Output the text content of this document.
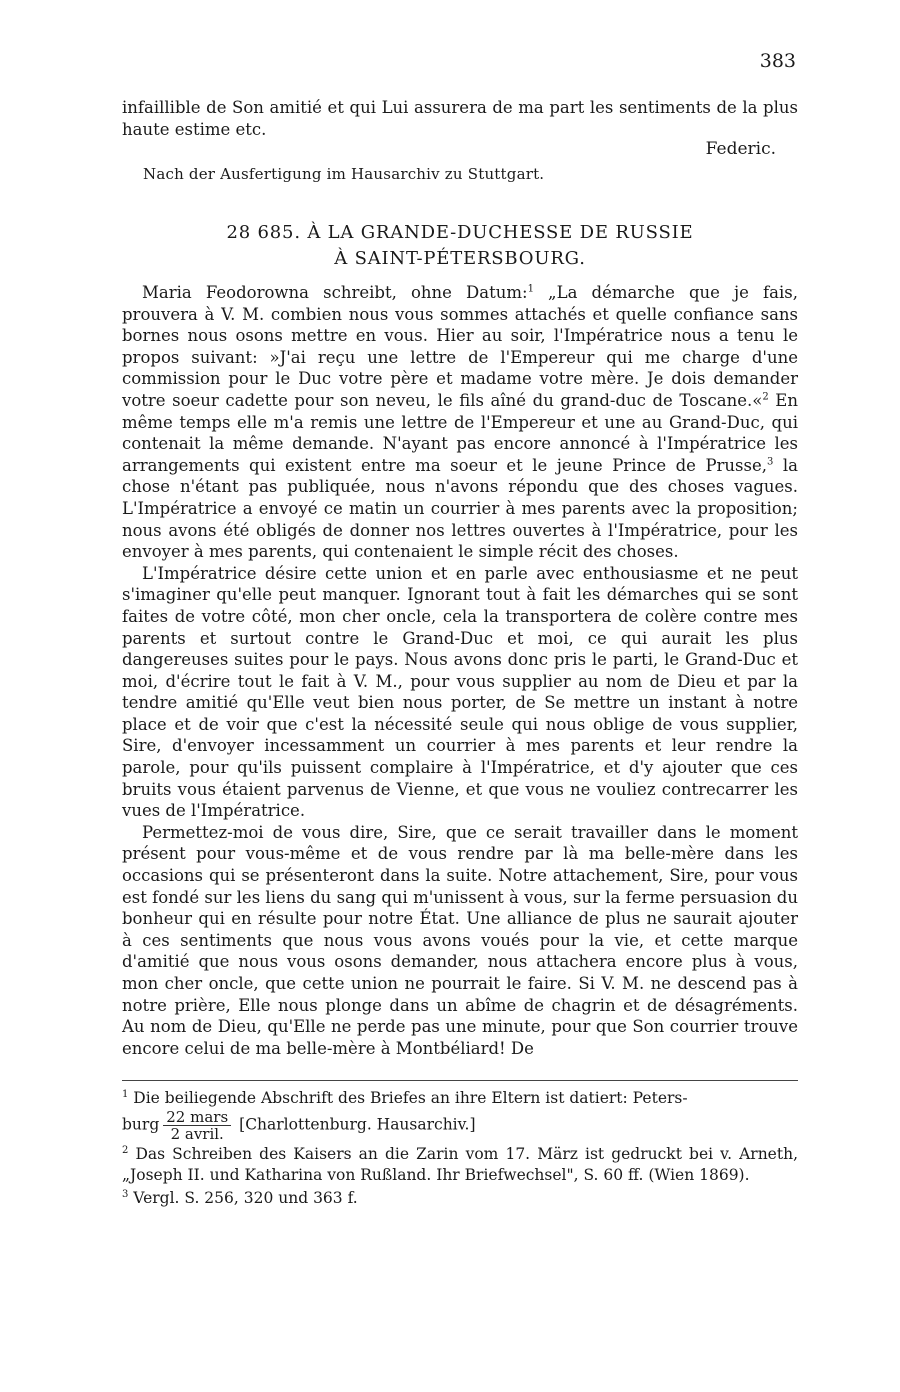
383

infaillible de Son amitié et qui Lui assurera de ma part les sentiments de la plus haute estime etc.

Federic.
Nach der Ausfertigung im Hausarchiv zu Stuttgart.
28 685. À LA GRANDE-DUCHESSE DE RUSSIE
À SAINT-PÉTERSBOURG.

Maria Feodorowna schreibt, ohne Datum:$^1$ „La démarche que je fais, prouvera à V. M. combien nous vous sommes attachés et quelle confiance sans bornes nous osons mettre en vous. Hier au soir, l'Impératrice nous a tenu le propos suivant: »J'ai reçu une lettre de l'Empereur qui me charge d'une commission pour le Duc votre père et madame votre mère. Je dois demander votre soeur cadette pour son neveu, le fils aîné du grand-duc de Toscane.«$^2$ En même temps elle m'a remis une lettre de l'Empereur et une au Grand-Duc, qui contenait la même demande. N'ayant pas encore annoncé à l'Impératrice les arrangements qui existent entre ma soeur et le jeune Prince de Prusse,$^3$ la chose n'étant pas publiquée, nous n'avons répondu que des choses vagues. L'Impératrice a envoyé ce matin un courrier à mes parents avec la proposition; nous avons été obligés de donner nos lettres ouvertes à l'Impératrice, pour les envoyer à mes parents, qui contenaient le simple récit des choses.

L'Impératrice désire cette union et en parle avec enthousiasme et ne peut s'imaginer qu'elle peut manquer. Ignorant tout à fait les démarches qui se sont faites de votre côté, mon cher oncle, cela la transportera de colère contre mes parents et surtout contre le Grand-Duc et moi, ce qui aurait les plus dangereuses suites pour le pays. Nous avons donc pris le parti, le Grand-Duc et moi, d'écrire tout le fait à V. M., pour vous supplier au nom de Dieu et par la tendre amitié qu'Elle veut bien nous porter, de Se mettre un instant à notre place et de voir que c'est la nécessité seule qui nous oblige de vous supplier, Sire, d'envoyer incessamment un courrier à mes parents et leur rendre la parole, pour qu'ils puissent complaire à l'Impératrice, et d'y ajouter que ces bruits vous étaient parvenus de Vienne, et que vous ne vouliez contrecarrer les vues de l'Impératrice.

Permettez-moi de vous dire, Sire, que ce serait travailler dans le moment présent pour vous-même et de vous rendre par là ma belle-mère dans les occasions qui se présenteront dans la suite. Notre attachement, Sire, pour vous est fondé sur les liens du sang qui m'unissent à vous, sur la ferme persuasion du bonheur qui en résulte pour notre État. Une alliance de plus ne saurait ajouter à ces sentiments que nous vous avons voués pour la vie, et cette marque d'amitié que nous vous osons demander, nous attachera encore plus à vous, mon cher oncle, que cette union ne pourrait le faire. Si V. M. ne descend pas à notre prière, Elle nous plonge dans un abîme de chagrin et de désagréments. Au nom de Dieu, qu'Elle ne perde pas une minute, pour que Son courrier trouve encore celui de ma belle-mère à Montbéliard! De

$^1$ Die beiliegende Abschrift des Briefes an ihre Eltern ist datiert: Peters-
burg $\frac{\text{22 mars}}{\text{2 avril.}}$ [Charlottenburg. Hausarchiv.]

$^2$ Das Schreiben des Kaisers an die Zarin vom 17. März ist gedruckt bei v. Arneth, „Joseph II. und Katharina von Rußland. Ihr Briefwechsel", S. 60 ff. (Wien 1869).

$^3$ Vergl. S. 256, 320 und 363 f.
